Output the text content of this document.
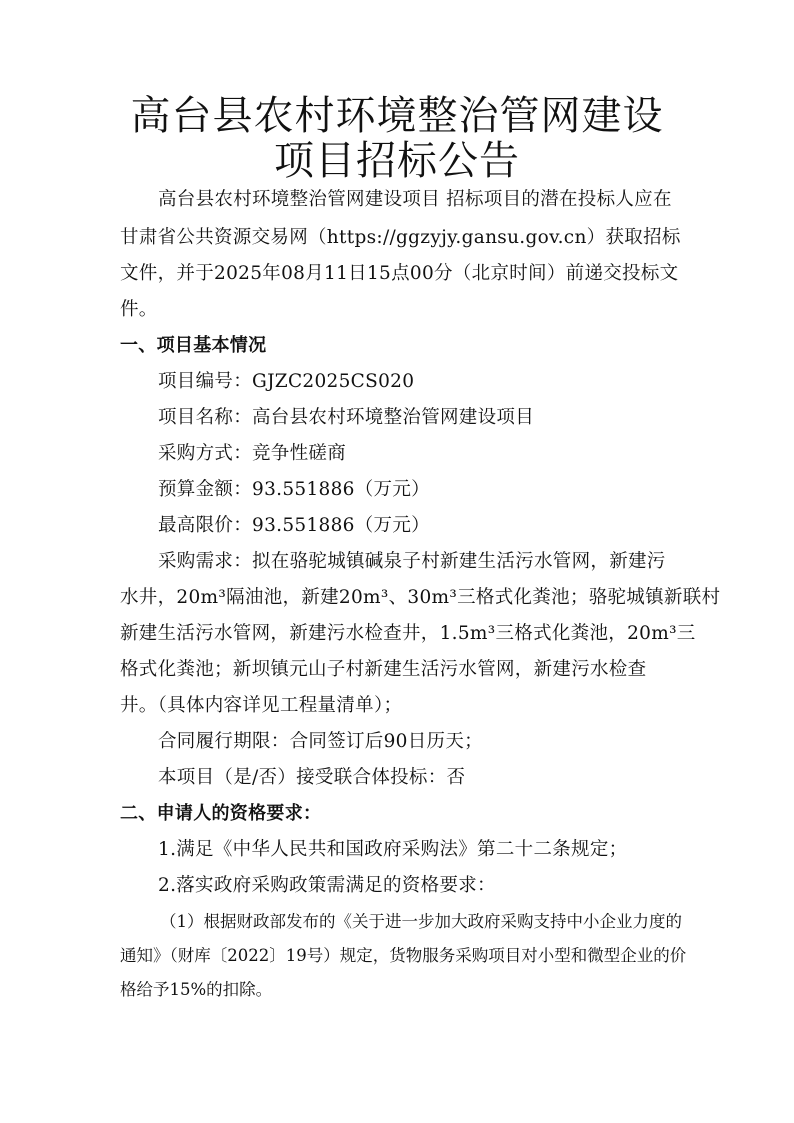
高台县农村环境整治管网建设
项目招标公告
高台县农村环境整治管网建设项目 招标项目的潜在投标人应在
甘肃省公共资源交易网（https://ggzyjy.gansu.gov.cn）获取招标
文件，并于2025年08月11日15点00分（北京时间）前递交投标文
件。
一、项目基本情况
项目编号：GJZC2025CS020
项目名称：高台县农村环境整治管网建设项目
采购方式：竞争性磋商
预算金额：93.551886（万元）
最高限价：93.551886（万元）
采购需求：拟在骆驼城镇碱泉子村新建生活污水管网，新建污
水井，20m³隔油池，新建20m³、30m³三格式化粪池；骆驼城镇新联村
新建生活污水管网，新建污水检查井，1.5m³三格式化粪池，20m³三
格式化粪池；新坝镇元山子村新建生活污水管网，新建污水检查
井。（具体内容详见工程量清单）；
合同履行期限：合同签订后90日历天；
本项目（是/否）接受联合体投标：否
二、申请人的资格要求：
1.满足《中华人民共和国政府采购法》第二十二条规定；
2.落实政府采购政策需满足的资格要求：
（1）根据财政部发布的《关于进一步加大政府采购支持中小企业力度的
通知》（财库〔2022〕19号）规定，货物服务采购项目对小型和微型企业的价
格给予15%的扣除。
